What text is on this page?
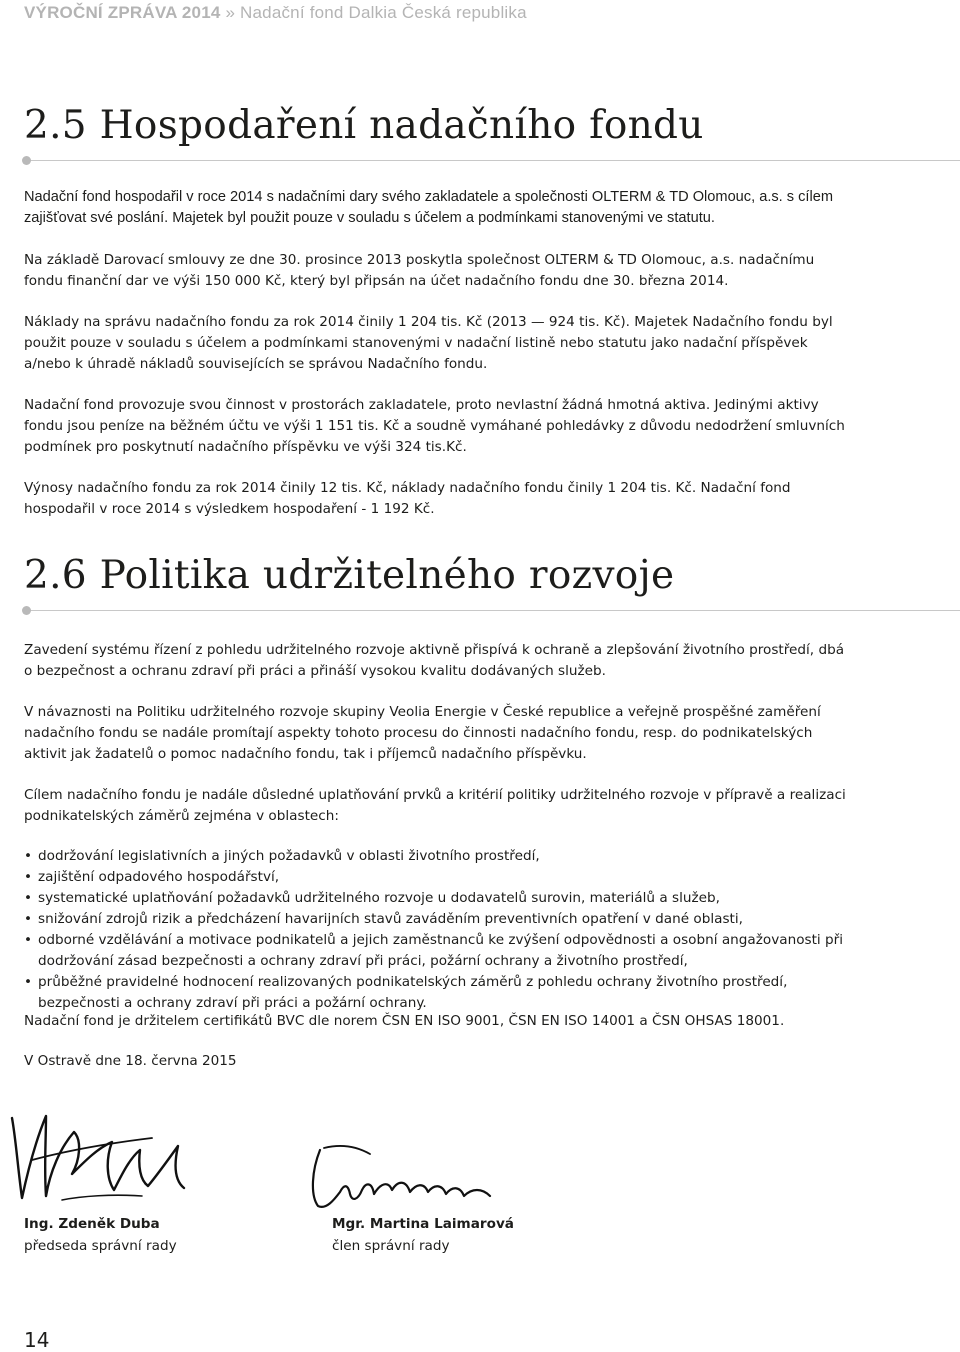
VÝROČNÍ ZPRÁVA 2014 » Nadační fond Dalkia Česká republika
2.5 Hospodaření nadačního fondu

Nadační fond hospodařil v roce 2014 s nadačními dary svého zakladatele a společnosti OLTERM & TD Olomouc, a.s. s cílem zajišťovat své poslání. Majetek byl použit pouze v souladu s účelem a podmínkami stanovenými ve statutu.

Na základě Darovací smlouvy ze dne 30. prosince 2013 poskytla společnost OLTERM & TD Olomouc, a.s. nadačnímu fondu finanční dar ve výši 150 000 Kč, který byl připsán na účet nadačního fondu dne 30. března 2014.

Náklady na správu nadačního fondu za rok 2014 činily 1 204 tis. Kč (2013 — 924 tis. Kč). Majetek Nadačního fondu byl použit pouze v souladu s účelem a podmínkami stanovenými v nadační listině nebo statutu jako nadační příspěvek a/nebo k úhradě nákladů souvisejících se správou Nadačního fondu.

Nadační fond provozuje svou činnost v prostorách zakladatele, proto nevlastní žádná hmotná aktiva. Jedinými aktivy fondu jsou peníze na běžném účtu ve výši 1 151 tis. Kč a soudně vymáhané pohledávky z důvodu nedodržení smluvních podmínek pro poskytnutí nadačního příspěvku ve výši 324 tis.Kč.

Výnosy nadačního fondu za rok 2014 činily 12 tis. Kč, náklady nadačního fondu činily 1 204 tis. Kč. Nadační fond hospodařil v roce 2014 s výsledkem hospodaření - 1 192 Kč.

2.6 Politika udržitelného rozvoje

Zavedení systému řízení z pohledu udržitelného rozvoje aktivně přispívá k ochraně a zlepšování životního prostředí, dbá o bezpečnost a ochranu zdraví při práci a přináší vysokou kvalitu dodávaných služeb.

V návaznosti na Politiku udržitelného rozvoje skupiny Veolia Energie v České republice a veřejně prospěšné zaměření nadačního fondu se nadále promítají aspekty tohoto procesu do činnosti nadačního fondu, resp. do podnikatelských aktivit jak žadatelů o pomoc nadačního fondu, tak i příjemců nadačního příspěvku.

Cílem nadačního fondu je nadále důsledné uplatňování prvků a kritérií politiky udržitelného rozvoje v přípravě a realizaci podnikatelských záměrů zejména v oblastech:

• dodržování legislativních a jiných požadavků v oblasti životního prostředí,
• zajištění odpadového hospodářství,
• systematické uplatňování požadavků udržitelného rozvoje u dodavatelů surovin, materiálů a služeb,
• snižování zdrojů rizik a předcházení havarijních stavů zaváděním preventivních opatření v dané oblasti,
• odborné vzdělávání a motivace podnikatelů a jejich zaměstnanců ke zvýšení odpovědnosti a osobní angažovanosti při dodržování zásad bezpečnosti a ochrany zdraví při práci, požární ochrany a životního prostředí,
• průběžné pravidelné hodnocení realizovaných podnikatelských záměrů z pohledu ochrany životního prostředí, bezpečnosti a ochrany zdraví při práci a požární ochrany.

Nadační fond je držitelem certifikátů BVC dle norem ČSN EN ISO 9001, ČSN EN ISO 14001 a ČSN OHSAS 18001.

V Ostravě dne 18. června 2015

Ing. Zdeněk Duba

předseda správní rady

Mgr. Martina Laimarová

člen správní rady

14
